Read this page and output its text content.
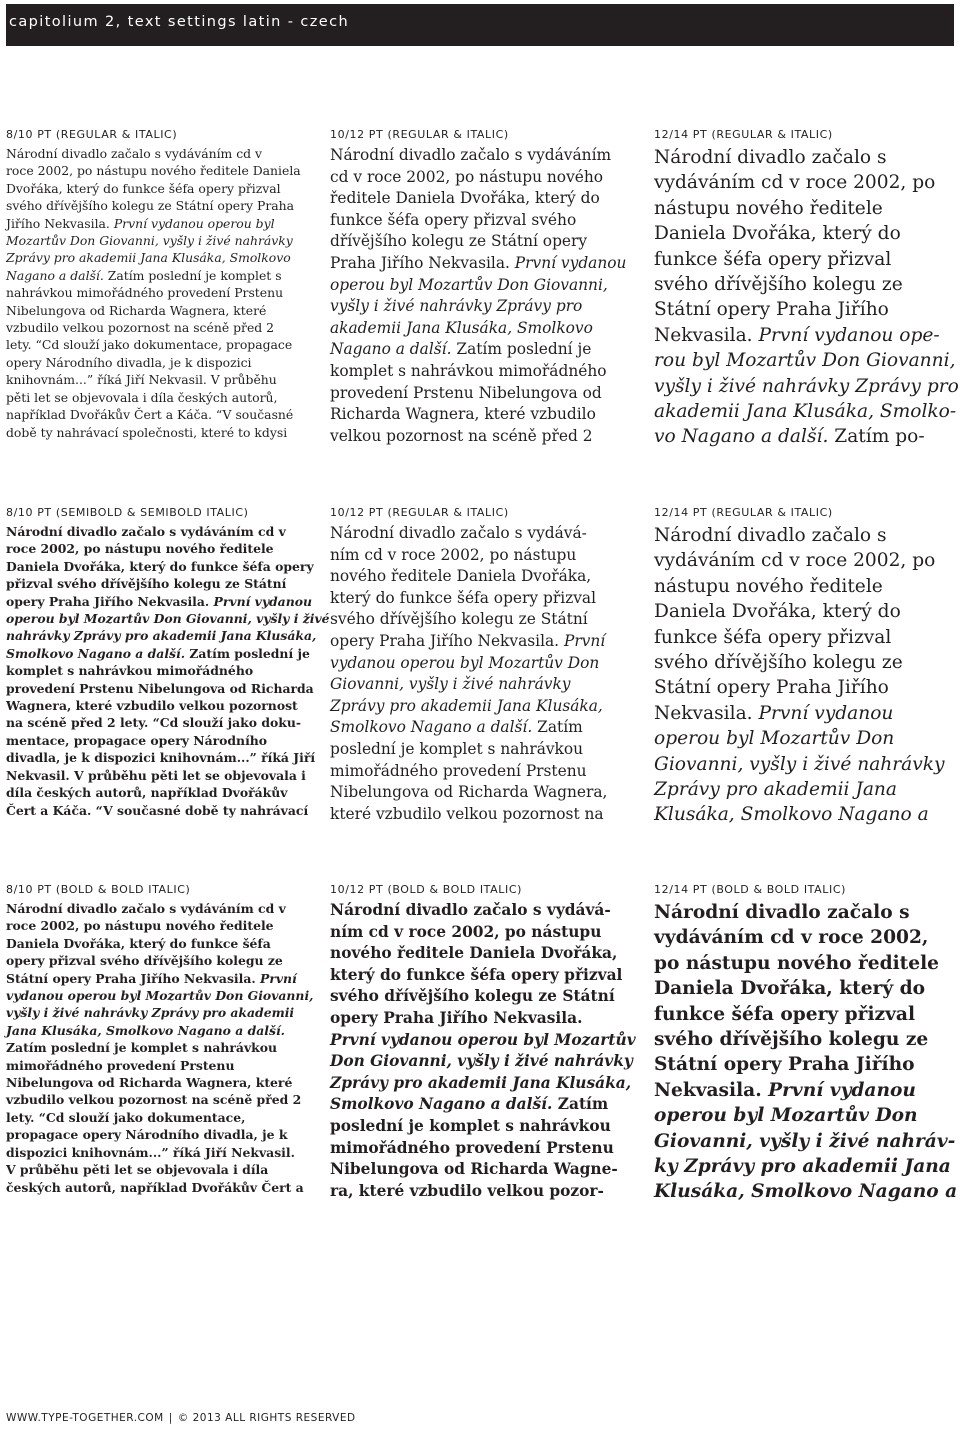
capitolium 2, text settings latin - czech
8/10 PT (REGULAR & ITALIC)
Národní divadlo začalo s vydáváním cd v
roce 2002, po nástupu nového ředitele Daniela
Dvořáka, který do funkce šéfa opery přizval
svého dřívějšího kolegu ze Státní opery Praha
Jiřího Nekvasila. První vydanou operou byl
Mozartův Don Giovanni, vyšly i živé nahrávky
Zprávy pro akademii Jana Klusáka, Smolkovo
Nagano a další. Zatím poslední je komplet s
nahrávkou mimořádného provedení Prstenu
Nibelungova od Richarda Wagnera, které
vzbudilo velkou pozornost na scéně před 2
lety. “Cd slouží jako dokumentace, propagace
opery Národního divadla, je k dispozici
knihovnám...” říká Jiří Nekvasil. V průběhu
pěti let se objevovala i díla českých autorů,
například Dvořákův Čert a Káča. “V současné
době ty nahrávací společnosti, které to kdysi
10/12 PT (REGULAR & ITALIC)
Národní divadlo začalo s vydáváním
cd v roce 2002, po nástupu nového
ředitele Daniela Dvořáka, který do
funkce šéfa opery přizval svého
dřívějšího kolegu ze Státní opery
Praha Jiřího Nekvasila. První vydanou
operou byl Mozartův Don Giovanni,
vyšly i živé nahrávky Zprávy pro
akademii Jana Klusáka, Smolkovo
Nagano a další. Zatím poslední je
komplet s nahrávkou mimořádného
provedení Prstenu Nibelungova od
Richarda Wagnera, které vzbudilo
velkou pozornost na scéně před 2
12/14 PT (REGULAR & ITALIC)
Národní divadlo začalo s
vydáváním cd v roce 2002, po
nástupu nového ředitele
Daniela Dvořáka, který do
funkce šéfa opery přizval
svého dřívějšího kolegu ze
Státní opery Praha Jiřího
Nekvasila. První vydanou ope-
rou byl Mozartův Don Giovanni,
vyšly i živé nahrávky Zprávy pro
akademii Jana Klusáka, Smolko-
vo Nagano a další. Zatím po-
8/10 PT (SEMIBOLD & SEMIBOLD ITALIC)
Národní divadlo začalo s vydáváním cd v
roce 2002, po nástupu nového ředitele
Daniela Dvořáka, který do funkce šéfa opery
přizval svého dřívějšího kolegu ze Státní
opery Praha Jiřího Nekvasila. První vydanou
operou byl Mozartův Don Giovanni, vyšly i živé
nahrávky Zprávy pro akademii Jana Klusáka,
Smolkovo Nagano a další. Zatím poslední je
komplet s nahrávkou mimořádného
provedení Prstenu Nibelungova od Richarda
Wagnera, které vzbudilo velkou pozornost
na scéně před 2 lety. “Cd slouží jako doku-
mentace, propagace opery Národního
divadla, je k dispozici knihovnám...” říká Jiří
Nekvasil. V průběhu pěti let se objevovala i
díla českých autorů, například Dvořákův
Čert a Káča. “V současné době ty nahrávací
10/12 PT (REGULAR & ITALIC)
Národní divadlo začalo s vydává-
ním cd v roce 2002, po nástupu
nového ředitele Daniela Dvořáka,
který do funkce šéfa opery přizval
svého dřívějšího kolegu ze Státní
opery Praha Jiřího Nekvasila. První
vydanou operou byl Mozartův Don
Giovanni, vyšly i živé nahrávky
Zprávy pro akademii Jana Klusáka,
Smolkovo Nagano a další. Zatím
poslední je komplet s nahrávkou
mimořádného provedení Prstenu
Nibelungova od Richarda Wagnera,
které vzbudilo velkou pozornost na
12/14 PT (REGULAR & ITALIC)
Národní divadlo začalo s
vydáváním cd v roce 2002, po
nástupu nového ředitele
Daniela Dvořáka, který do
funkce šéfa opery přizval
svého dřívějšího kolegu ze
Státní opery Praha Jiřího
Nekvasila. První vydanou
operou byl Mozartův Don
Giovanni, vyšly i živé nahrávky
Zprávy pro akademii Jana
Klusáka, Smolkovo Nagano a
8/10 PT (BOLD & BOLD ITALIC)
Národní divadlo začalo s vydáváním cd v
roce 2002, po nástupu nového ředitele
Daniela Dvořáka, který do funkce šéfa
opery přizval svého dřívějšího kolegu ze
Státní opery Praha Jiřího Nekvasila. První
vydanou operou byl Mozartův Don Giovanni,
vyšly i živé nahrávky Zprávy pro akademii
Jana Klusáka, Smolkovo Nagano a další.
Zatím poslední je komplet s nahrávkou
mimořádného provedení Prstenu
Nibelungova od Richarda Wagnera, které
vzbudilo velkou pozornost na scéně před 2
lety. “Cd slouží jako dokumentace,
propagace opery Národního divadla, je k
dispozici knihovnám...” říká Jiří Nekvasil.
V průběhu pěti let se objevovala i díla
českých autorů, například Dvořákův Čert a
10/12 PT (BOLD & BOLD ITALIC)
Národní divadlo začalo s vydává-
ním cd v roce 2002, po nástupu
nového ředitele Daniela Dvořáka,
který do funkce šéfa opery přizval
svého dřívějšího kolegu ze Státní
opery Praha Jiřího Nekvasila.
První vydanou operou byl Mozartův
Don Giovanni, vyšly i živé nahrávky
Zprávy pro akademii Jana Klusáka,
Smolkovo Nagano a další. Zatím
poslední je komplet s nahrávkou
mimořádného provedení Prstenu
Nibelungova od Richarda Wagne-
ra, které vzbudilo velkou pozor-
12/14 PT (BOLD & BOLD ITALIC)
Národní divadlo začalo s
vydáváním cd v roce 2002,
po nástupu nového ředitele
Daniela Dvořáka, který do
funkce šéfa opery přizval
svého dřívějšího kolegu ze
Státní opery Praha Jiřího
Nekvasila. První vydanou
operou byl Mozartův Don
Giovanni, vyšly i živé nahráv-
ky Zprávy pro akademii Jana
Klusáka, Smolkovo Nagano a
WWW.TYPE-TOGETHER.COM | © 2013 ALL RIGHTS RESERVED
